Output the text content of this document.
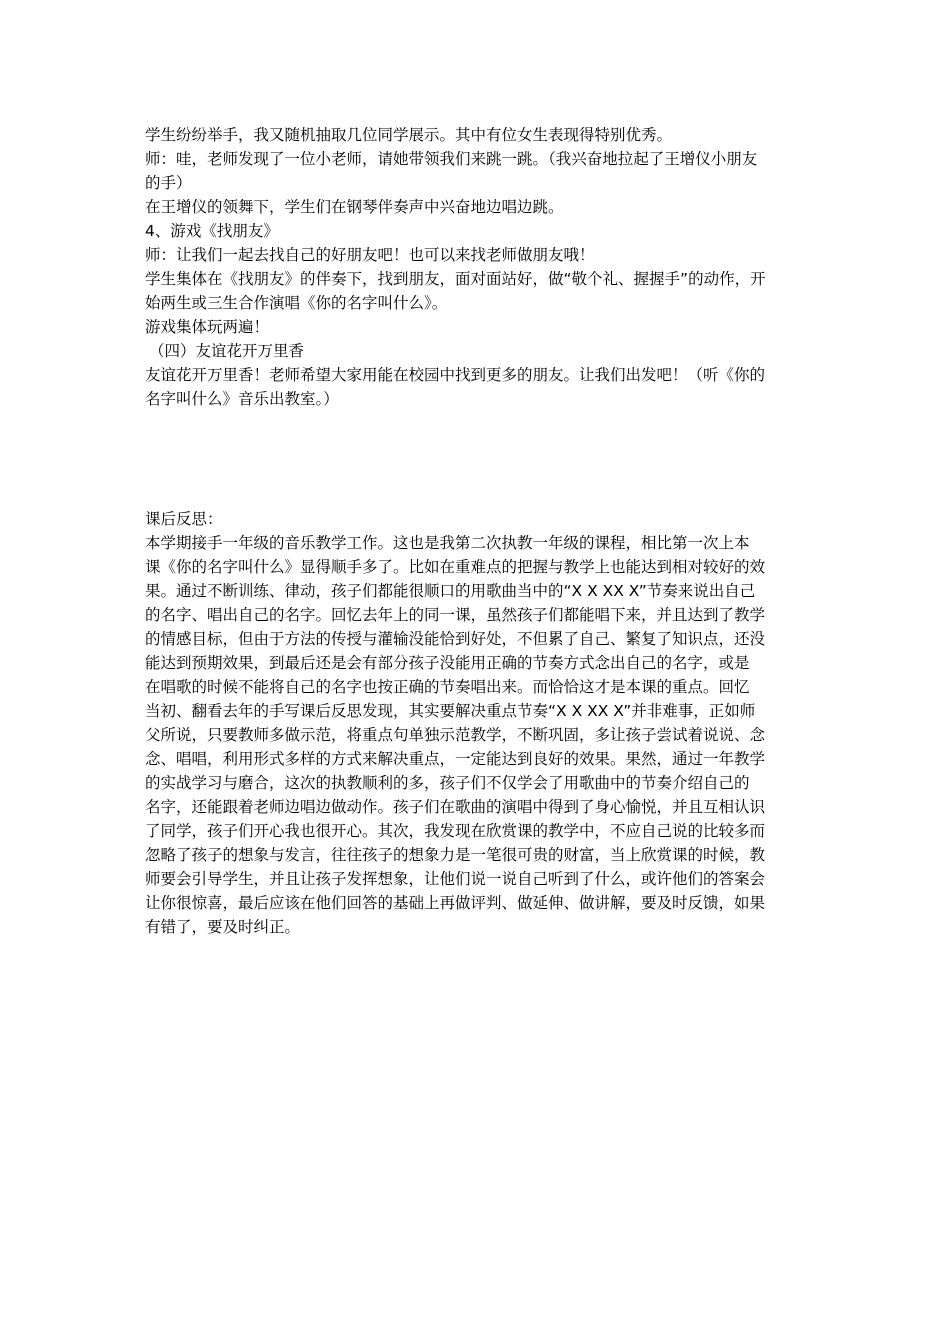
学生纷纷举手，我又随机抽取几位同学展示。其中有位女生表现得特别优秀。
师：哇，老师发现了一位小老师，请她带领我们来跳一跳。（我兴奋地拉起了王增仪小朋友
的手）
在王增仪的领舞下，学生们在钢琴伴奏声中兴奋地边唱边跳。
4、游戏《找朋友》
师：让我们一起去找自己的好朋友吧！也可以来找老师做朋友哦！
学生集体在《找朋友》的伴奏下，找到朋友，面对面站好，做“敬个礼、握握手”的动作，开
始两生或三生合作演唱《你的名字叫什么》。
游戏集体玩两遍！
（四）友谊花开万里香
友谊花开万里香！老师希望大家用能在校园中找到更多的朋友。让我们出发吧！（听《你的
名字叫什么》音乐出教室。）
课后反思：
本学期接手一年级的音乐教学工作。这也是我第二次执教一年级的课程，相比第一次上本
课《你的名字叫什么》显得顺手多了。比如在重难点的把握与教学上也能达到相对较好的效
果。通过不断训练、律动，孩子们都能很顺口的用歌曲当中的“X X XX X”节奏来说出自己
的名字、唱出自己的名字。回忆去年上的同一课，虽然孩子们都能唱下来，并且达到了教学
的情感目标，但由于方法的传授与灌输没能恰到好处，不但累了自己、繁复了知识点，还没
能达到预期效果，到最后还是会有部分孩子没能用正确的节奏方式念出自己的名字，或是
在唱歌的时候不能将自己的名字也按正确的节奏唱出来。而恰恰这才是本课的重点。回忆
当初、翻看去年的手写课后反思发现，其实要解决重点节奏“X X XX X”并非难事，正如师
父所说，只要教师多做示范，将重点句单独示范教学，不断巩固，多让孩子尝试着说说、念
念、唱唱，利用形式多样的方式来解决重点，一定能达到良好的效果。果然，通过一年教学
的实战学习与磨合，这次的执教顺利的多，孩子们不仅学会了用歌曲中的节奏介绍自己的
名字，还能跟着老师边唱边做动作。孩子们在歌曲的演唱中得到了身心愉悦，并且互相认识
了同学，孩子们开心我也很开心。其次，我发现在欣赏课的教学中，不应自己说的比较多而
忽略了孩子的想象与发言，往往孩子的想象力是一笔很可贵的财富，当上欣赏课的时候，教
师要会引导学生，并且让孩子发挥想象，让他们说一说自己听到了什么，或许他们的答案会
让你很惊喜，最后应该在他们回答的基础上再做评判、做延伸、做讲解，要及时反馈，如果
有错了，要及时纠正。
